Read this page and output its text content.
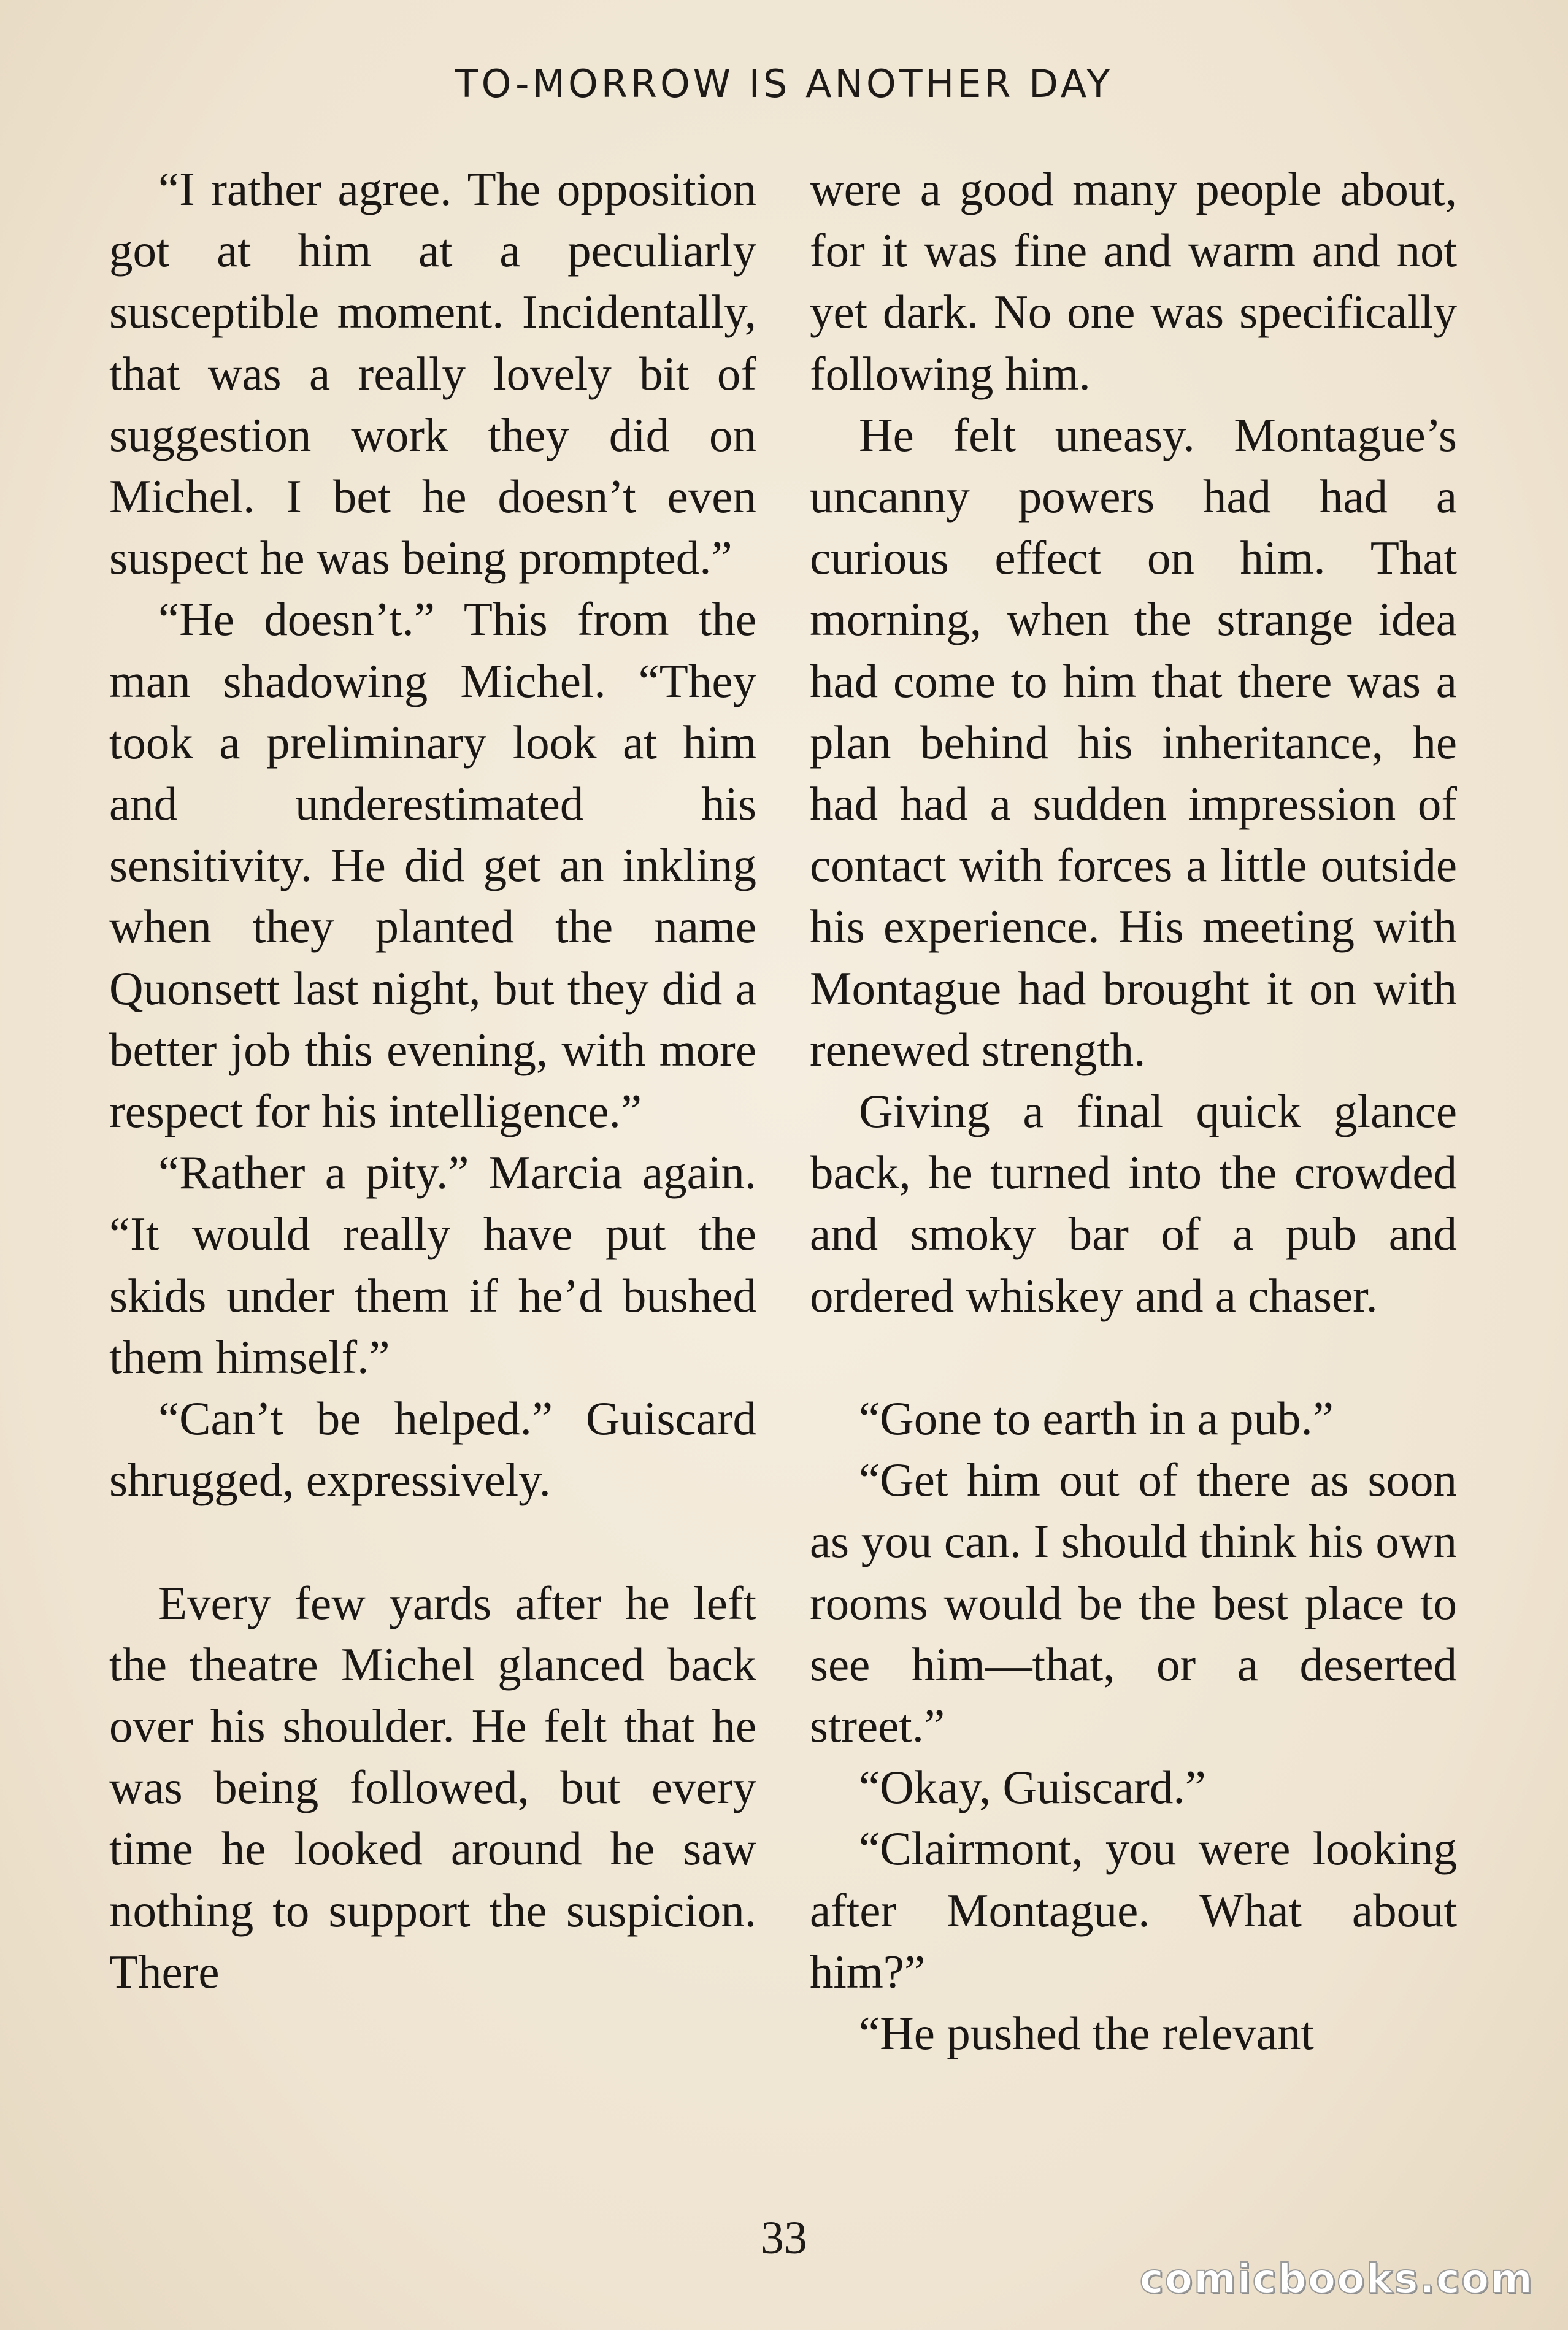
TO-MORROW IS ANOTHER DAY

“I rather agree. The opposition got at him at a peculiarly susceptible moment. Incidentally, that was a really lovely bit of suggestion work they did on Michel. I bet he doesn’t even suspect he was being prompted.”

“He doesn’t.” This from the man shadowing Michel. “They took a preliminary look at him and underestimated his sensitivity. He did get an inkling when they planted the name Quonsett last night, but they did a better job this evening, with more respect for his intelligence.”

“Rather a pity.” Marcia again. “It would really have put the skids under them if he’d bushed them himself.”

“Can’t be helped.” Guiscard shrugged, expressively.

Every few yards after he left the theatre Michel glanced back over his shoulder. He felt that he was being followed, but every time he looked around he saw nothing to support the suspicion. There

were a good many people about, for it was fine and warm and not yet dark. No one was specifically following him.

He felt uneasy. Montague’s uncanny powers had had a curious effect on him. That morning, when the strange idea had come to him that there was a plan behind his inheritance, he had had a sudden impression of contact with forces a little outside his experience. His meeting with Montague had brought it on with renewed strength.

Giving a final quick glance back, he turned into the crowded and smoky bar of a pub and ordered whiskey and a chaser.

“Gone to earth in a pub.”

“Get him out of there as soon as you can. I should think his own rooms would be the best place to see him—that, or a deserted street.”

“Okay, Guiscard.”

“Clairmont, you were looking after Montague. What about him?”

“He pushed the relevant

33
comicbooks.com
